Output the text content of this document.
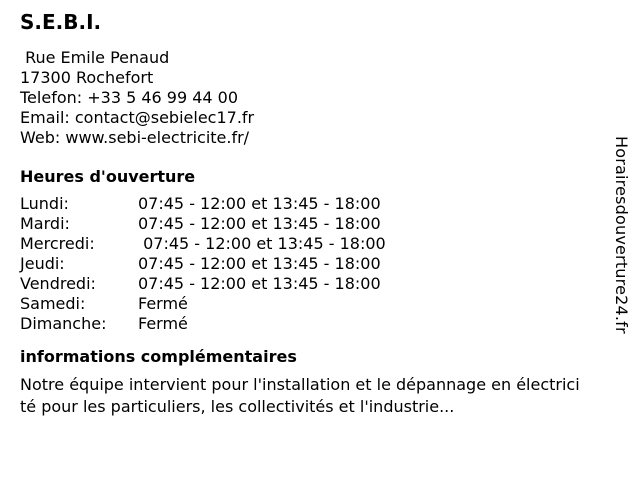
S.E.B.I.
Rue Emile Penaud
17300 Rochefort
Telefon: +33 5 46 99 44 00
Email: contact@sebielec17.fr
Web: www.sebi-electricite.fr/
Heures d'ouverture
Lundi:	07:45 - 12:00 et 13:45 - 18:00
Mardi:	07:45 - 12:00 et 13:45 - 18:00
Mercredi:	07:45 - 12:00 et 13:45 - 18:00
Jeudi:	07:45 - 12:00 et 13:45 - 18:00
Vendredi:	07:45 - 12:00 et 13:45 - 18:00
Samedi:	Fermé
Dimanche:	Fermé
informations complémentaires
Notre équipe intervient pour l'installation et le dépannage en électricité pour les particuliers, les collectivités et l'industrie...
Horairesdouverture24.fr
